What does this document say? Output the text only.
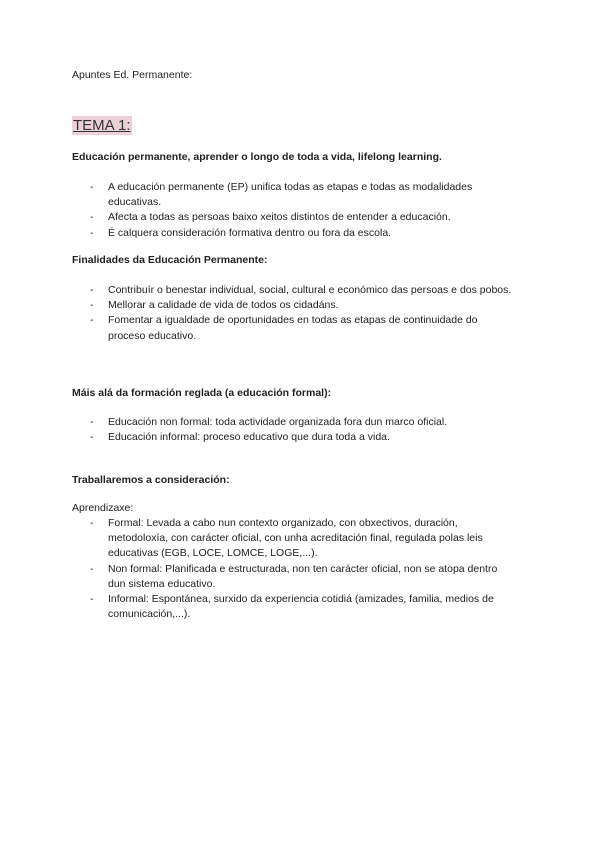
Apuntes Ed. Permanente:
TEMA 1:
Educación permanente, aprender o longo de toda a vida, lifelong learning.
- A educación permanente (EP) unifica todas as etapas e todas as modalidades educativas.
- Afecta a todas as persoas baixo xeitos distintos de entender a educación.
- É calquera consideración formativa dentro ou fora da escola.
Finalidades da Educación Permanente:
- Contribuír o benestar individual, social, cultural e económico das persoas e dos pobos.
- Mellorar a calidade de vida de todos os cidadáns.
- Fomentar a igualdade de oportunidades en todas as etapas de continuidade do proceso educativo.
Máis alá da formación reglada (a educación formal):
- Educación non formal: toda actividade organizada fora dun marco oficial.
- Educación informal: proceso educativo que dura toda a vida.
Traballaremos a consideración:
Aprendizaxe:
- Formal: Levada a cabo nun contexto organizado, con obxectivos, duración, metodoloxía, con carácter oficial, con unha acreditación final, regulada polas leis educativas (EGB, LOCE, LOMCE, LOGE,...).
- Non formal: Planificada e estructurada, non ten carácter oficial, non se atopa dentro dun sistema educativo.
- Informal: Espontánea, surxido da experiencia cotidiá (amizades, familia, medios de comunicación,...).
